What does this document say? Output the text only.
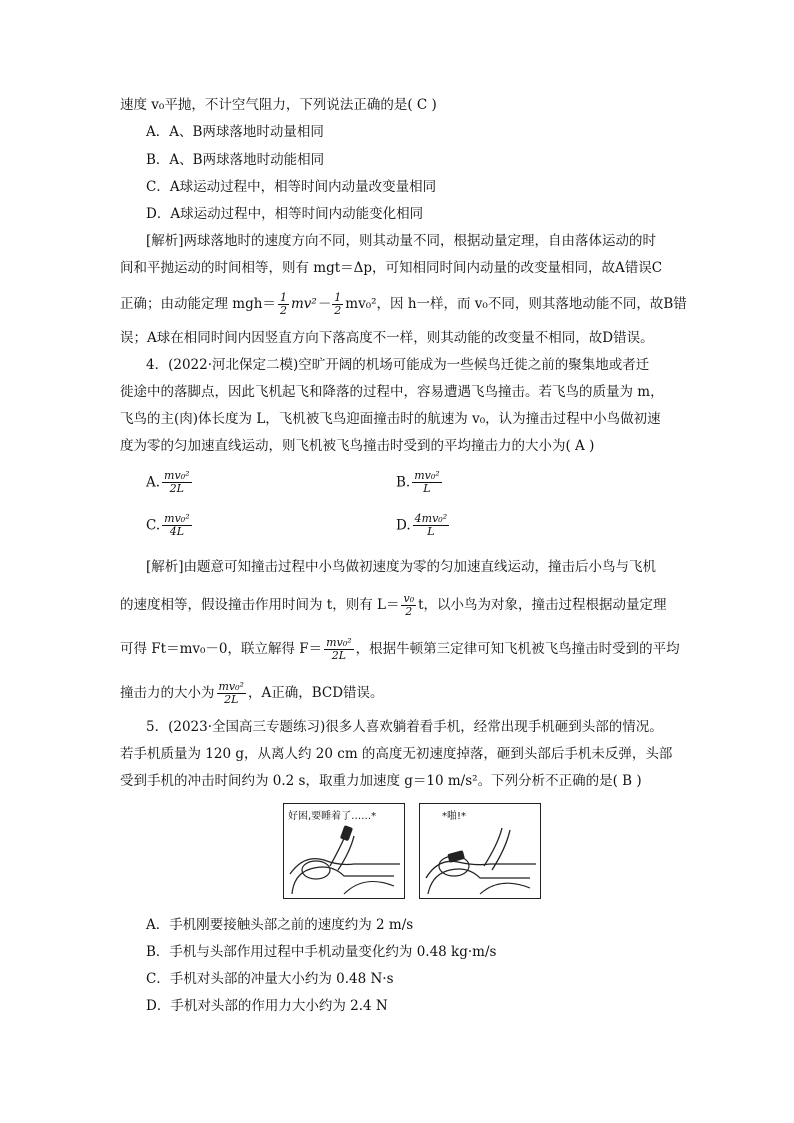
速度 v₀平抛，不计空气阻力，下列说法正确的是( C )
A．A、B两球落地时动量相同
B．A、B两球落地时动能相同
C．A球运动过程中，相等时间内动量改变量相同
D．A球运动过程中，相等时间内动能变化相同
[解析]两球落地时的速度方向不同，则其动量不同，根据动量定理，自由落体运动的时
间和平抛运动的时间相等，则有 mgt＝Δp，可知相同时间内动量的改变量相同，故A错误C
正确；由动能定理 $mgh= \frac{1}{2} mv^2- \frac{1}{2} mv_0^2$，因 h一样，而 v₀不同，则其落地动能不同，故B错
误；A球在相同时间内因竖直方向下落高度不一样，则其动能的改变量不相同，故D错误。
4．(2022·河北保定二模)空旷开阔的机场可能成为一些候鸟迁徙之前的聚集地或者迁
徙途中的落脚点，因此飞机起飞和降落的过程中，容易遭遇飞鸟撞击。若飞鸟的质量为 m，
飞鸟的主(肉)体长度为 L，飞机被飞鸟迎面撞击时的航速为 v₀，认为撞击过程中小鸟做初速
度为零的匀加速直线运动，则飞机被飞鸟撞击时受到的平均撞击力的大小为( A )
A. $\frac{\text{mv₀²}}{2L}$	B. $\frac{\text{mv₀²}}{L}$
C. $\frac{\text{mv₀²}}{4L}$	D. $\frac{\text{4mv₀²}}{L}$
[解析]由题意可知撞击过程中小鸟做初速度为零的匀加速直线运动，撞击后小鸟与飞机
的速度相等，假设撞击作用时间为 t，则有 $L= \frac{\text{v₀}}{2}$ t，以小鸟为对象，撞击过程根据动量定理
可得 Ft＝mv₀－0，联立解得 $F= \frac{\text{mv₀²}}{2L}$ ，根据牛顿第三定律可知飞机被飞鸟撞击时受到的平均
撞击力的大小为 $\frac{\text{mv₀²}}{2L}$ ，A正确，BCD错误。
5．(2023·全国高三专题练习)很多人喜欢躺着看手机，经常出现手机砸到头部的情况。
若手机质量为 120 g，从离人约 20 cm 的高度无初速度掉落，砸到头部后手机未反弹，头部
受到手机的冲击时间约为 0.2 s，取重力加速度 g＝10 m/s²。下列分析不正确的是( B )
好困,要睡着了……*	*啪!*
A．手机刚要接触头部之前的速度约为 2 m/s
B．手机与头部作用过程中手机动量变化约为 0.48 kg·m/s
C．手机对头部的冲量大小约为 0.48 N·s
D．手机对头部的作用力大小约为 2.4 N
